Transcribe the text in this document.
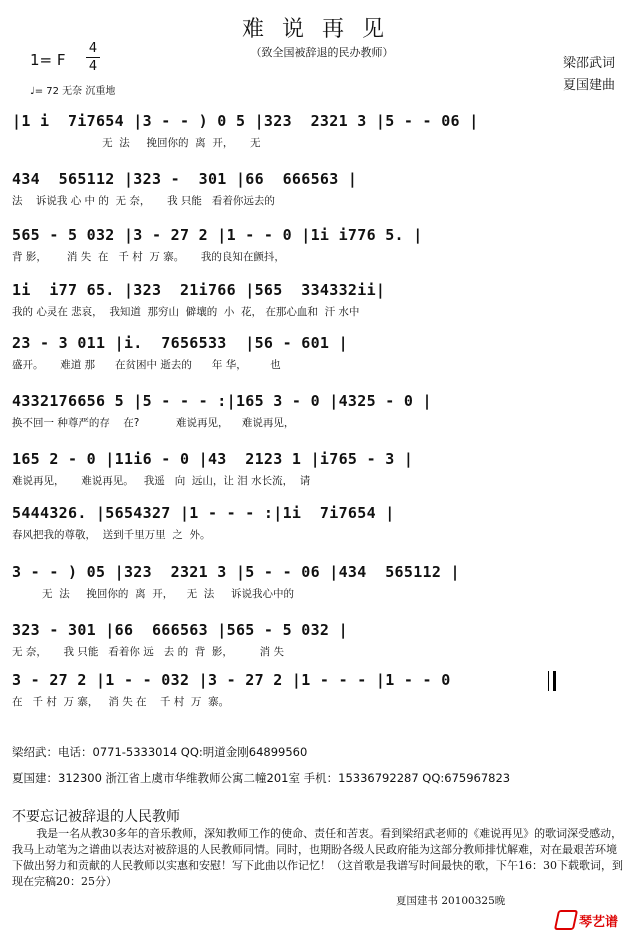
难说再见
（致全国被辞退的民办教师）
1= F
4
4
♩= 72 无奈 沉重地
梁邵武词
夏国建曲
|1 i  7i7654 |3 - - ) 0 5 |323  2321 3 |5 - - 06 |
无  法     挽回你的  离  开，     无
434  565112 |323 -  301 |66  666563 |
法    诉说我 心 中 的  无 奈，     我 只能   看着你远去的
565 - 5 032 |3 - 27 2 |1 - - 0 |1i i776 5. |
背 影，      消 失  在   千 村  万 寨。     我的良知在颤抖，
1i  i77 65. |323  21i766 |565  334332ii|
我的 心灵在 悲哀，  我知道  那穷山  僻壤的  小  花， 在那心血和  汗 水中
23 - 3 011 |i.  7656533  |56 - 601 |
盛开。     难道 那      在贫困中 逝去的      年 华，       也
4332176656 5 |5 - - - :|165 3 - 0 |4325 - 0 |
换不回一 种尊严的存    在?           难说再见，    难说再见，
165 2 - 0 |11i6 - 0 |43  2123 1 |i765 - 3 |
难说再见，     难说再见。   我遥   向  远山，让 泪 水长流，  请
5444326. |5654327 |1 - - - :|1i  7i7654 |
春风把我的尊敬，  送到千里万里  之  外。
3 - - ) 05 |323  2321 3 |5 - - 06 |434  565112 |
无  法     挽回你的  离  开，    无  法     诉说我心中的
323 - 301 |66  666563 |565 - 5 032 |
无 奈，     我 只能   看着你 远   去 的  背  影，        消 失
3 - 27 2 |1 - - 032 |3 - 27 2 |1 - - - |1 - - 0
在   千 村  万 寨，   消 失 在    千 村  万  寨。
梁绍武：电话：0771-5333014 QQ:明道金刚64899560
夏国建：312300 浙江省上虞市华维教师公寓二幢201室 手机：15336792287 QQ:675967823
不要忘记被辞退的人民教师
我是一名从教30多年的音乐教师，深知教师工作的使命、责任和苦衷。看到梁绍武老师的《难说再见》的歌词深受感动，我马上动笔为之谱曲以表达对被辞退的人民教师同情。同时，也期盼各级人民政府能为这部分教师排忧解难，对在最艰苦环境下做出努力和贡献的人民教师以实惠和安慰！写下此曲以作记忆！（这首歌是我谱写时间最快的歌，下午16：30下载歌词，到现在完稿20：25分）
夏国建书 20100325晚
琴艺谱
